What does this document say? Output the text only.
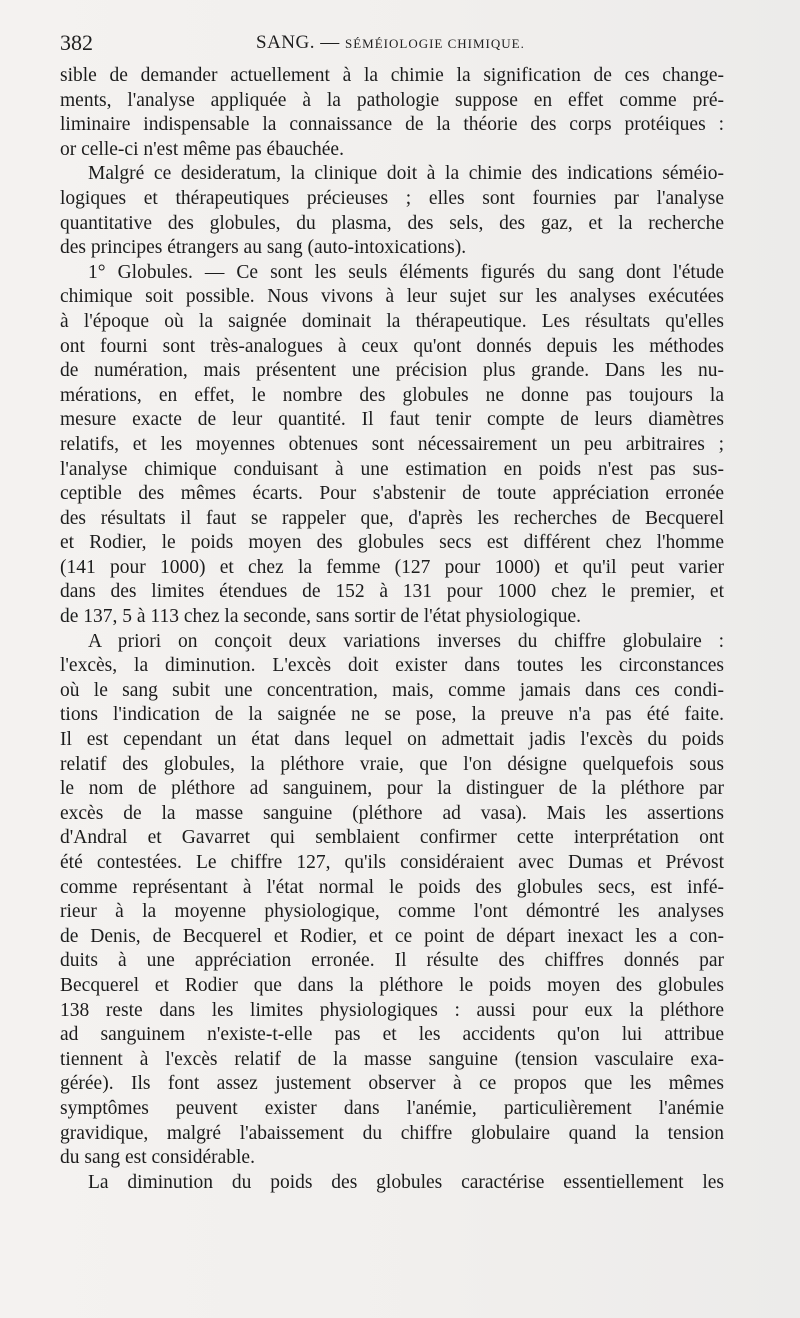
382	SANG. — SÉMÉIOLOGIE CHIMIQUE.
sible de demander actuellement à la chimie la signification de ces change-
ments, l'analyse appliquée à la pathologie suppose en effet comme pré-
liminaire indispensable la connaissance de la théorie des corps protéiques :
or celle-ci n'est même pas ébauchée.
Malgré ce desideratum, la clinique doit à la chimie des indications séméio-
logiques et thérapeutiques précieuses ; elles sont fournies par l'analyse
quantitative des globules, du plasma, des sels, des gaz, et la recherche
des principes étrangers au sang (auto-intoxications).
1° Globules. — Ce sont les seuls éléments figurés du sang dont l'étude
chimique soit possible. Nous vivons à leur sujet sur les analyses exécutées
à l'époque où la saignée dominait la thérapeutique. Les résultats qu'elles
ont fourni sont très-analogues à ceux qu'ont donnés depuis les méthodes
de numération, mais présentent une précision plus grande. Dans les nu-
mérations, en effet, le nombre des globules ne donne pas toujours la
mesure exacte de leur quantité. Il faut tenir compte de leurs diamètres
relatifs, et les moyennes obtenues sont nécessairement un peu arbitraires ;
l'analyse chimique conduisant à une estimation en poids n'est pas sus-
ceptible des mêmes écarts. Pour s'abstenir de toute appréciation erronée
des résultats il faut se rappeler que, d'après les recherches de Becquerel
et Rodier, le poids moyen des globules secs est différent chez l'homme
(141 pour 1000) et chez la femme (127 pour 1000) et qu'il peut varier
dans des limites étendues de 152 à 131 pour 1000 chez le premier, et
de 137, 5 à 113 chez la seconde, sans sortir de l'état physiologique.
A priori on conçoit deux variations inverses du chiffre globulaire :
l'excès, la diminution. L'excès doit exister dans toutes les circonstances
où le sang subit une concentration, mais, comme jamais dans ces condi-
tions l'indication de la saignée ne se pose, la preuve n'a pas été faite.
Il est cependant un état dans lequel on admettait jadis l'excès du poids
relatif des globules, la pléthore vraie, que l'on désigne quelquefois sous
le nom de pléthore ad sanguinem, pour la distinguer de la pléthore par
excès de la masse sanguine (pléthore ad vasa). Mais les assertions
d'Andral et Gavarret qui semblaient confirmer cette interprétation ont
été contestées. Le chiffre 127, qu'ils considéraient avec Dumas et Prévost
comme représentant à l'état normal le poids des globules secs, est infé-
rieur à la moyenne physiologique, comme l'ont démontré les analyses
de Denis, de Becquerel et Rodier, et ce point de départ inexact les a con-
duits à une appréciation erronée. Il résulte des chiffres donnés par
Becquerel et Rodier que dans la pléthore le poids moyen des globules
138 reste dans les limites physiologiques : aussi pour eux la pléthore
ad sanguinem n'existe-t-elle pas et les accidents qu'on lui attribue
tiennent à l'excès relatif de la masse sanguine (tension vasculaire exa-
gérée). Ils font assez justement observer à ce propos que les mêmes
symptômes peuvent exister dans l'anémie, particulièrement l'anémie
gravidique, malgré l'abaissement du chiffre globulaire quand la tension
du sang est considérable.
La diminution du poids des globules caractérise essentiellement les
